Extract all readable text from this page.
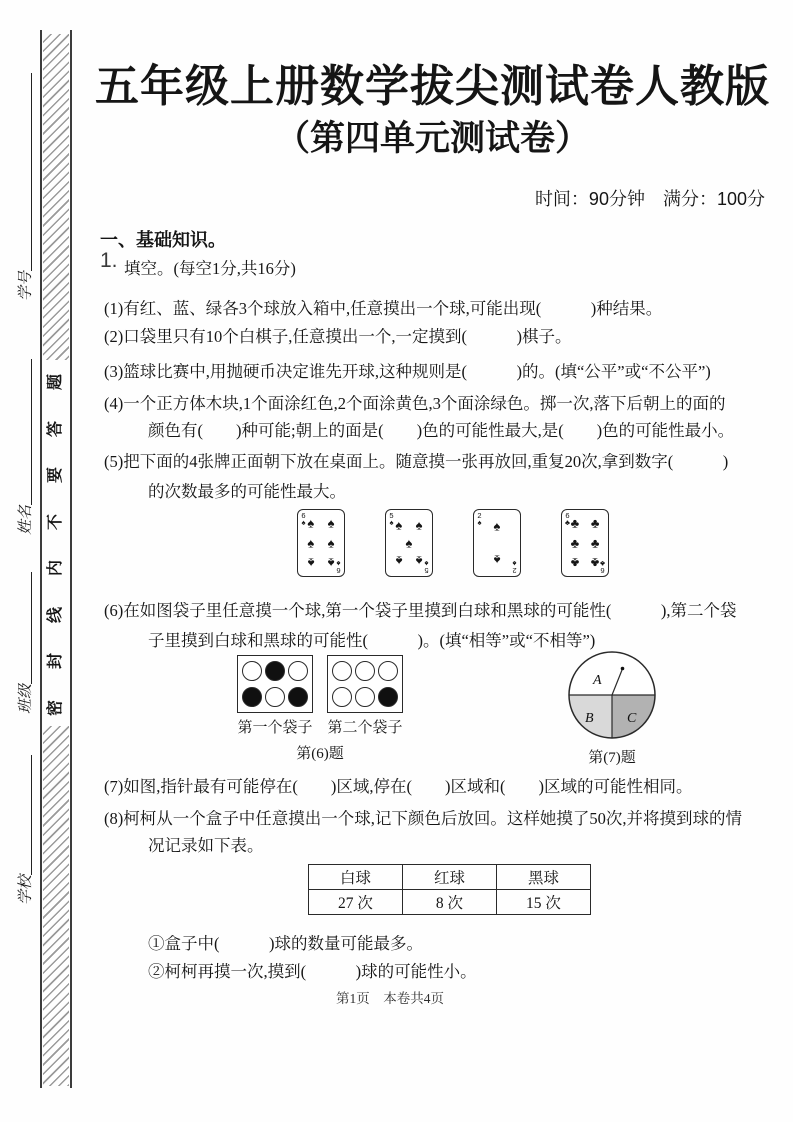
题
答
要
不
内
线
封
密
学号
姓名
班级
学校
五年级上册数学拔尖测试卷人教版
（第四单元测试卷）
时间：90分钟　满分：100分
一、基础知识。
1. 填空。(每空1分,共16分)
(1)有红、蓝、绿各3个球放入箱中,任意摸出一个球,可能出现(　　　)种结果。
(2)口袋里只有10个白棋子,任意摸出一个,一定摸到(　　　)棋子。
(3)篮球比赛中,用抛硬币决定谁先开球,这种规则是(　　　)的。(填“公平”或“不公平”)
(4)一个正方体木块,1个面涂红色,2个面涂黄色,3个面涂绿色。掷一次,落下后朝上的面的
颜色有(　　)种可能;朝上的面是(　　)色的可能性最大,是(　　)色的可能性最小。
(5)把下面的4张牌正面朝下放在桌面上。随意摸一张再放回,重复20次,拿到数字(　　　)
的次数最多的可能性最大。
(6)在如图袋子里任意摸一个球,第一个袋子里摸到白球和黑球的可能性(　　　),第二个袋
子里摸到白球和黑球的可能性(　　　)。(填“相等”或“不相等”)
(7)如图,指针最有可能停在(　　)区域,停在(　　)区域和(　　)区域的可能性相同。
(8)柯柯从一个盒子中任意摸出一个球,记下颜色后放回。这样她摸了50次,并将摸到球的情
况记录如下表。
①盒子中(　　　)球的数量可能最多。
②柯柯再摸一次,摸到(　　　)球的可能性小。
6
♠
6
♠
♠ ♠
♠ ♠
♠ ♠
5
♠
5
♠
♠ ♠
♠
♠ ♠
2
♠
2
♠
♠
♠
6
♣
6
♣
♣ ♣
♣ ♣
♣ ♣
第一个袋子 第二个袋子
第(6)题
A
B C
第(7)题
白球	红球	黑球
27 次	8 次	15 次
第1页　本卷共4页
